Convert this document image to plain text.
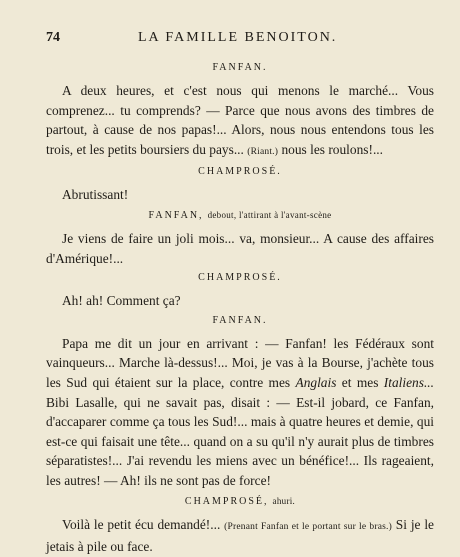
74	LA FAMILLE BENOITON.
FANFAN.

A deux heures, et c'est nous qui menons le marché... Vous comprenez... tu comprends? — Parce que nous avons des timbres de partout, à cause de nos papas!... Alors, nous nous entendons tous les trois, et les petits boursiers du pays... (Riant.) nous les roulons!...

CHAMPROSÉ.

Abrutissant!

FANFAN, debout, l'attirant à l'avant-scène

Je viens de faire un joli mois... va, monsieur... A cause des affaires d'Amérique!...

CHAMPROSÉ.

Ah! ah! Comment ça?

FANFAN.

Papa me dit un jour en arrivant : — Fanfan! les Fédéraux sont vainqueurs... Marche là-dessus!... Moi, je vas à la Bourse, j'achète tous les Sud qui étaient sur la place, contre mes Anglais et mes Italiens... Bibi Lasalle, qui ne savait pas, disait : — Est-il jobard, ce Fanfan, d'accaparer comme ça tous les Sud!... mais à quatre heures et demie, qui est-ce qui faisait une tête... quand on a su qu'il n'y aurait plus de timbres séparatistes!... J'ai revendu les miens avec un bénéfice!... Ils rageaient, les autres! — Ah! ils ne sont pas de force!

CHAMPROSÉ, ahuri.

Voilà le petit écu demandé!... (Prenant Fanfan et le portant sur le bras.) Si je le jetais à pile ou face.
